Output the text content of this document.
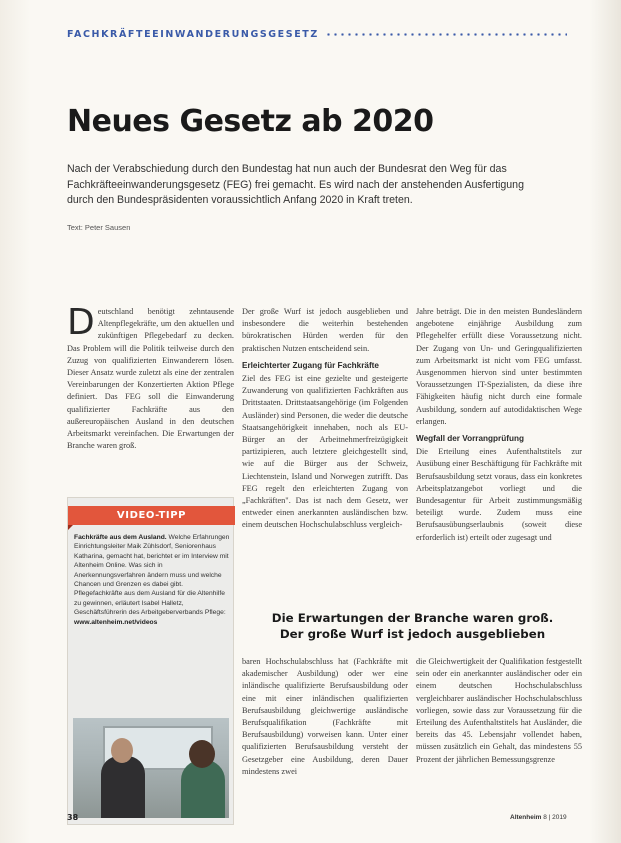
FACHKRÄFTEEINWANDERUNGSGESETZ
Neues Gesetz ab 2020

Nach der Verabschiedung durch den Bundestag hat nun auch der Bundesrat den Weg für das Fachkräfteeinwanderungsgesetz (FEG) frei gemacht. Es wird nach der anstehenden Ausfertigung durch den Bundespräsidenten voraussichtlich Anfang 2020 in Kraft treten.

Text: Peter Sausen

D eutschland benötigt zehntausende Altenpflegekräfte, um den aktuellen und zukünftigen Pflegebedarf zu decken. Das Problem will die Politik teilweise durch den Zuzug von qualifizierten Einwanderern lösen. Dieser Ansatz wurde zuletzt als eine der zentralen Vereinbarungen der Konzertierten Aktion Pflege definiert. Das FEG soll die Einwanderung qualifizierter Fachkräfte aus den außereuropäischen Ausland in den deutschen Arbeitsmarkt vereinfachen. Die Erwartungen der Branche waren groß.

Der große Wurf ist jedoch ausgeblieben und insbesondere die weiterhin bestehenden bürokratischen Hürden werden für den praktischen Nutzen entscheidend sein.

Erleichterter Zugang für Fachkräfte

Ziel des FEG ist eine gezielte und gesteigerte Zuwanderung von qualifizierten Fachkräften aus Drittstaaten. Drittstaatsangehörige (im Folgenden Ausländer) sind Personen, die weder die deutsche Staatsangehörigkeit innehaben, noch als EU-Bürger an der Arbeitnehmerfreizügigkeit partizipieren, auch letztere gleichgestellt sind, wie auf die Bürger aus der Schweiz, Liechtenstein, Island und Norwegen zutrifft. Das FEG regelt den erleichterten Zugang von „Fachkräften". Das ist nach dem Gesetz, wer entweder einen anerkannten ausländischen bzw. einem deutschen Hochschulabschluss vergleich-

Jahre beträgt. Die in den meisten Bundesländern angebotene einjährige Ausbildung zum Pflegehelfer erfüllt diese Voraussetzung nicht. Der Zugang von Un- und Geringqualifizierten zum Arbeitsmarkt ist nicht vom FEG umfasst. Ausgenommen hiervon sind unter bestimmten Voraussetzungen IT-Spezialisten, da diese ihre Fähigkeiten häufig nicht durch eine formale Ausbildung, sondern auf autodidaktischen Wege erlangen.

Wegfall der Vorrangprüfung

Die Erteilung eines Aufenthaltstitels zur Ausübung einer Beschäftigung für Fachkräfte mit Berufsausbildung setzt voraus, dass ein konkretes Arbeitsplatzangebot vorliegt und die Bundesagentur für Arbeit zustimmungsmäßig beteiligt wurde. Zudem muss eine Berufsausübungserlaubnis (soweit diese erforderlich ist) erteilt oder zugesagt und

VIDEO-TIPP
Fachkräfte aus dem Ausland. Welche Erfahrungen Einrichtungsleiter Maik Zühlsdorf, Seniorenhaus Katharina, gemacht hat, berichtet er im Interview mit Altenheim Online. Was sich in Anerkennungsverfahren ändern muss und welche Chancen und Grenzen es dabei gibt. Pflegefachkräfte aus dem Ausland für die Altenhilfe zu gewinnen, erläutert Isabel Halletz, Geschäftsführerin des Arbeitgeberverbands Pflege:
www.altenheim.net/videos	Die Erwartungen der Branche waren groß.
Der große Wurf ist jedoch ausgeblieben

baren Hochschulabschluss hat (Fachkräfte mit akademischer Ausbildung) oder wer eine inländische qualifizierte Berufsausbildung oder eine mit einer inländischen qualifizierten Berufsausbildung gleichwertige ausländische Berufsqualifikation (Fachkräfte mit Berufsausbildung) vorweisen kann. Unter einer qualifizierten Berufsausbildung versteht der Gesetzgeber eine Ausbildung, deren Dauer mindestens zwei

die Gleichwertigkeit der Qualifikation festgestellt sein oder ein anerkannter ausländischer oder ein einem deutschen Hochschulabschluss vergleichbarer ausländischer Hochschulabschluss vorliegen, sowie dass zur Voraussetzung für die Erteilung des Aufenthaltstitels hat Ausländer, die bereits das 45. Lebensjahr vollendet haben, müssen zusätzlich ein Gehalt, das mindestens 55 Prozent der jährlichen Bemessungsgrenze

38	Altenheim 8 | 2019
